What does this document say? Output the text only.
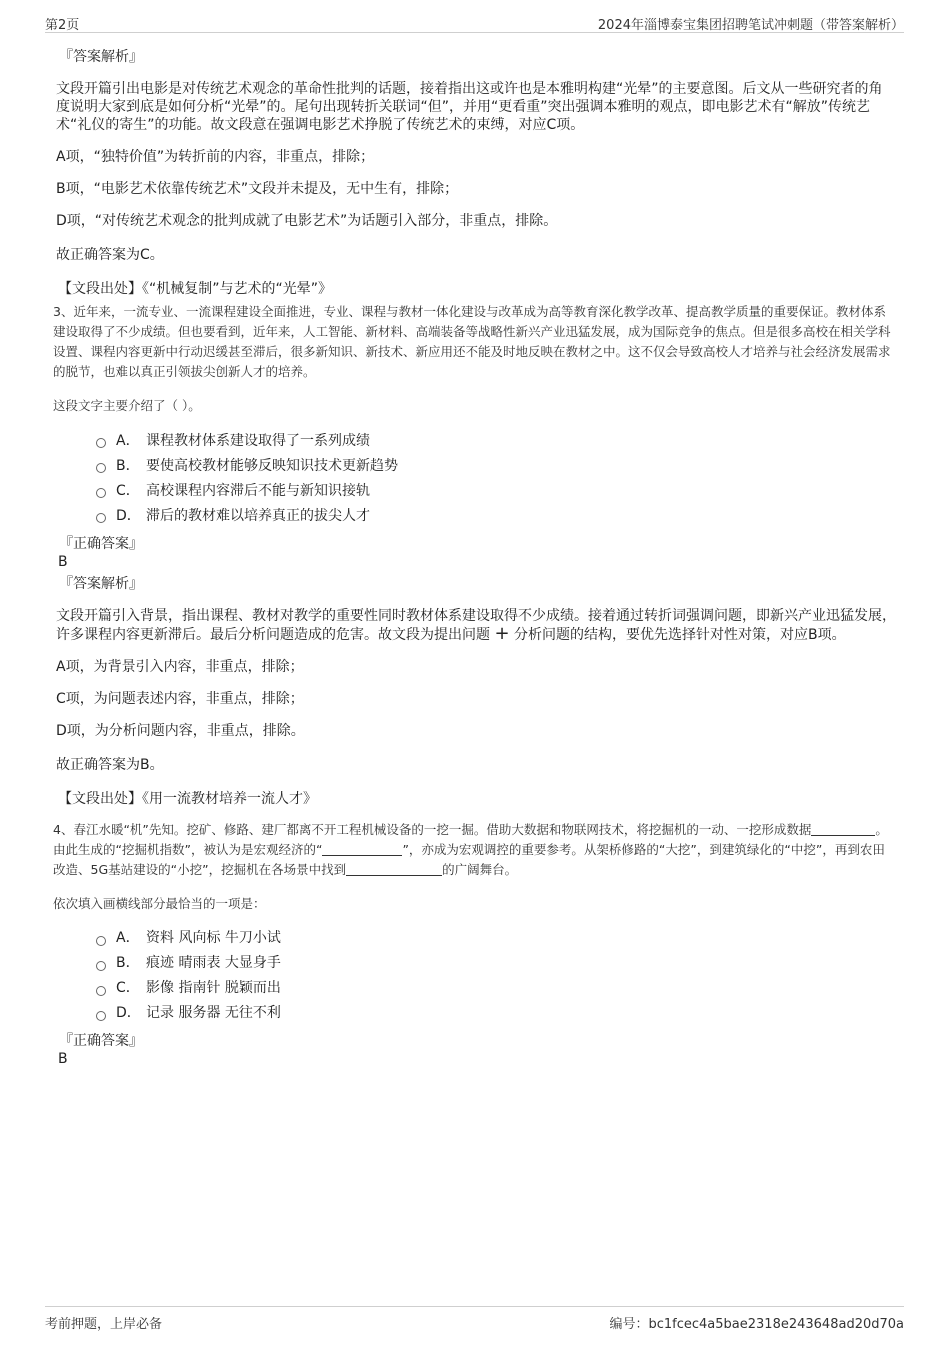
第2页	2024年淄博泰宝集团招聘笔试冲刺题（带答案解析）
『答案解析』

文段开篇引出电影是对传统艺术观念的革命性批判的话题，接着指出这或许也是本雅明构建“光晕”的主要意图。后文从一些研究者的角度说明大家到底是如何分析“光晕”的。尾句出现转折关联词“但”，并用“更看重”突出强调本雅明的观点，即电影艺术有“解放”传统艺术“礼仪的寄生”的功能。故文段意在强调电影艺术挣脱了传统艺术的束缚，对应C项。

A项，“独特价值”为转折前的内容，非重点，排除；

B项，“电影艺术依靠传统艺术”文段并未提及，无中生有，排除；

D项，“对传统艺术观念的批判成就了电影艺术”为话题引入部分，非重点，排除。

故正确答案为C。

【文段出处】《“机械复制”与艺术的“光晕”》

3、近年来，一流专业、一流课程建设全面推进，专业、课程与教材一体化建设与改革成为高等教育深化教学改革、提高教学质量的重要保证。教材体系建设取得了不少成绩。但也要看到，近年来，人工智能、新材料、高端装备等战略性新兴产业迅猛发展，成为国际竞争的焦点。但是很多高校在相关学科设置、课程内容更新中行动迟缓甚至滞后，很多新知识、新技术、新应用还不能及时地反映在教材之中。这不仅会导致高校人才培养与社会经济发展需求的脱节，也难以真正引领拔尖创新人才的培养。

这段文字主要介绍了（ ）。

A． 课程教材体系建设取得了一系列成绩
B． 要使高校教材能够反映知识技术更新趋势
C． 高校课程内容滞后不能与新知识接轨
D． 滞后的教材难以培养真正的拔尖人才
『正确答案』
B
『答案解析』

文段开篇引入背景，指出课程、教材对教学的重要性同时教材体系建设取得不少成绩。接着通过转折词强调问题，即新兴产业迅猛发展，许多课程内容更新滞后。最后分析问题造成的危害。故文段为提出问题 + 分析问题的结构，要优先选择针对性对策，对应B项。

A项，为背景引入内容，非重点，排除；

C项，为问题表述内容，非重点，排除；

D项，为分析问题内容，非重点，排除。

故正确答案为B。

【文段出处】《用一流教材培养一流人才》

4、春江水暖“机”先知。挖矿、修路、建厂都离不开工程机械设备的一挖一掘。借助大数据和物联网技术，将挖掘机的一动、一挖形成数据	。由此生成的“挖掘机指数”，被认为是宏观经济的“	”，亦成为宏观调控的重要参考。从架桥修路的“大挖”，到建筑绿化的“中挖”，再到农田改造、5G基站建设的“小挖”，挖掘机在各场景中找到	的广阔舞台。

依次填入画横线部分最恰当的一项是：

A． 资料 风向标 牛刀小试
B． 痕迹 晴雨表 大显身手
C． 影像 指南针 脱颖而出
D． 记录 服务器 无往不利
『正确答案』
B
考前押题，上岸必备	编号：bc1fcec4a5bae2318e243648ad20d70a
